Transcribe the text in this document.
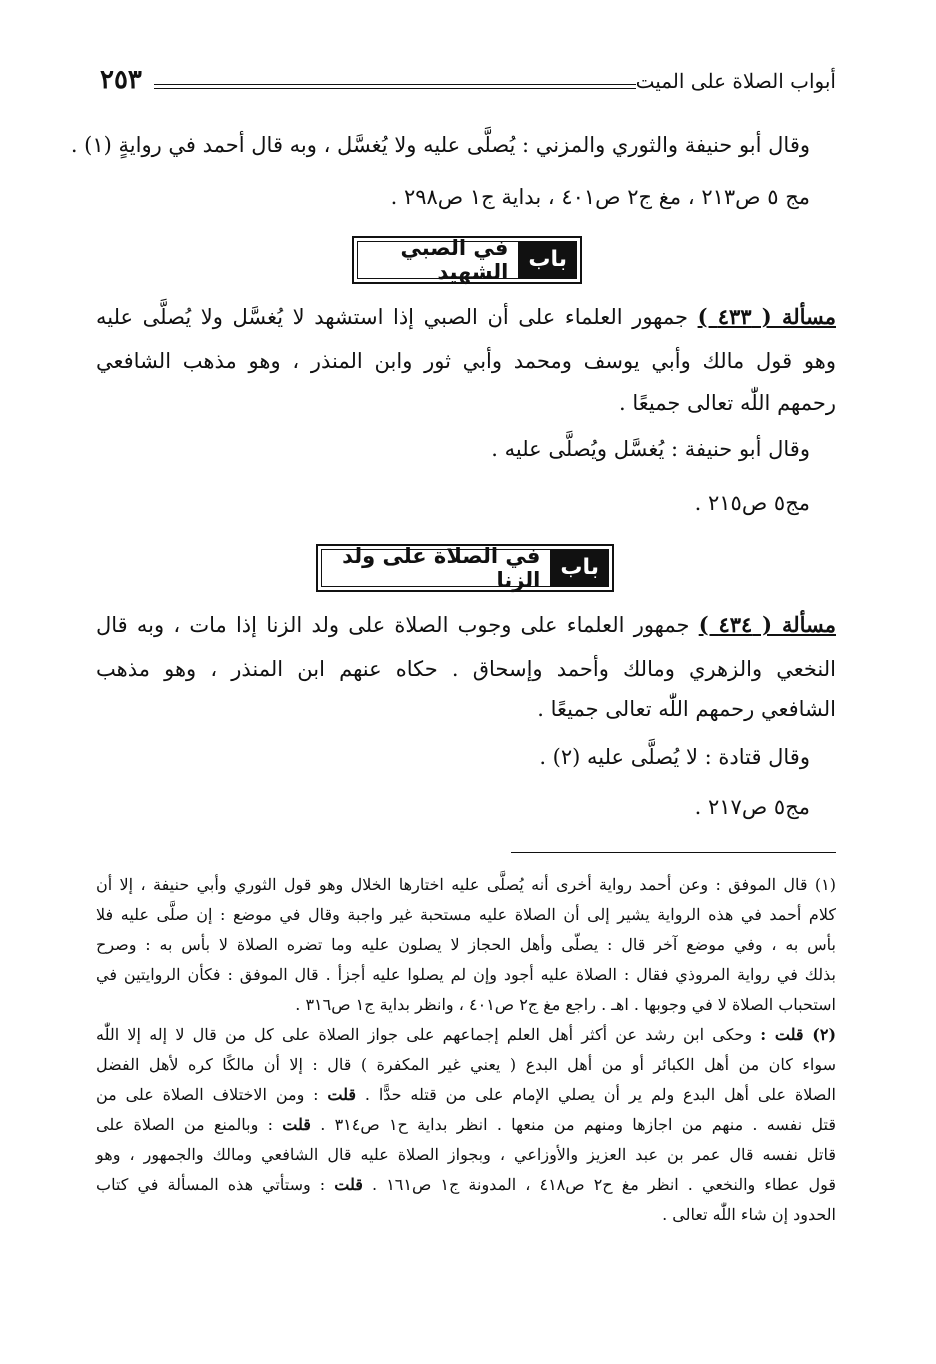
أبواب الصلاة على الميت
٢٥٣
وقال أبو حنيفة والثوري والمزني : يُصلَّى عليه ولا يُغسَّل ، وبه قال أحمد في روايةٍ (١) .
مج ٥ ص٢١٣ ، مغ ج٢ ص٤٠١ ، بداية ج١ ص٢٩٨ .
باب
في الصبي الشهيد
مسألة ( ٤٣٣ ) جمهور العلماء على أن الصبي إذا استشهد لا يُغسَّل ولا يُصلَّى عليه
وهو قول مالك وأبي يوسف ومحمد وأبي ثور وابن المنذر ، وهو مذهب الشافعي
رحمهم اللّٰه تعالى جميعًا .
وقال أبو حنيفة : يُغسَّل ويُصلَّى عليه .
مج٥ ص٢١٥ .
باب
في الصلاة على ولد الزنا
مسألة ( ٤٣٤ ) جمهور العلماء على وجوب الصلاة على ولد الزنا إذا مات ، وبه قال
النخعي والزهري ومالك وأحمد وإسحاق . حكاه عنهم ابن المنذر ، وهو مذهب
الشافعي رحمهم اللّٰه تعالى جميعًا .
وقال قتادة : لا يُصلَّى عليه (٢) .
مج٥ ص٢١٧ .
(١) قال الموفق : وعن أحمد رواية أخرى أنه يُصلَّى عليه اختارها الخلال وهو قول الثوري وأبي حنيفة ، إلا أن
كلام أحمد في هذه الرواية يشير إلى أن الصلاة عليه مستحبة غير واجبة وقال في موضع : إن صلَّى عليه فلا
بأس به ، وفي موضع آخر قال : يصلّى وأهل الحجاز لا يصلون عليه وما تضره الصلاة لا بأس به : وصرح
بذلك في رواية المروذي فقال : الصلاة عليه أجود وإن لم يصلوا عليه أجزأ . قال الموفق : فكأن الروايتين في
استحباب الصلاة لا في وجوبها . اهـ . راجع مغ ج٢ ص٤٠١ ، وانظر بداية ج١ ص٣١٦ .
(٢) قلت : وحكى ابن رشد عن أكثر أهل العلم إجماعهم على جواز الصلاة على كل من قال لا إله إلا اللّٰه
سواء كان من أهل الكبائر أو من أهل البدع ( يعني غير المكفرة ) قال : إلا أن مالكًا كره لأهل الفضل
الصلاة على أهل البدع ولم ير أن يصلي الإمام على من قتله حدًّا . قلت : ومن الاختلاف الصلاة على من
قتل نفسه . منهم من اجازها ومنهم من منعها . انظر بداية ح١ ص٣١٤ . قلت : وبالمنع من الصلاة على
قاتل نفسه قال عمر بن عبد العزيز والأوزاعي ، وبجواز الصلاة عليه قال الشافعي ومالك والجمهور ، وهو
قول عطاء والنخعي . انظر مغ ح٢ ص٤١٨ ، المدونة ج١ ص١٦١ . قلت : وستأتي هذه المسألة في كتاب
الحدود إن شاء اللّٰه تعالى .
